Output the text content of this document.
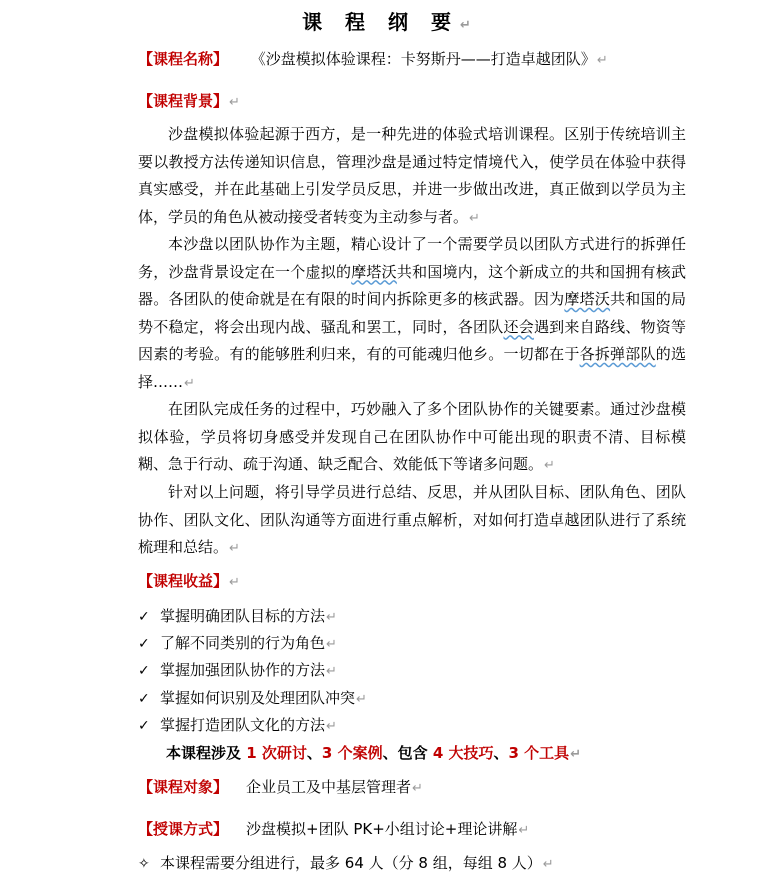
课 程 纲 要↵
【课程名称】 《沙盘模拟体验课程：卡努斯丹——打造卓越团队》↵
【课程背景】↵
沙盘模拟体验起源于西方，是一种先进的体验式培训课程。区别于传统培训主要以教授方法传递知识信息，管理沙盘是通过特定情境代入，使学员在体验中获得真实感受，并在此基础上引发学员反思，并进一步做出改进，真正做到以学员为主体，学员的角色从被动接受者转变为主动参与者。↵
本沙盘以团队协作为主题，精心设计了一个需要学员以团队方式进行的拆弹任务，沙盘背景设定在一个虚拟的摩塔沃共和国境内，这个新成立的共和国拥有核武器。各团队的使命就是在有限的时间内拆除更多的核武器。因为摩塔沃共和国的局势不稳定，将会出现内战、骚乱和罢工，同时，各团队还会遇到来自路线、物资等因素的考验。有的能够胜利归来，有的可能魂归他乡。一切都在于各拆弹部队的选择……↵
在团队完成任务的过程中，巧妙融入了多个团队协作的关键要素。通过沙盘模拟体验，学员将切身感受并发现自己在团队协作中可能出现的职责不清、目标模糊、急于行动、疏于沟通、缺乏配合、效能低下等诸多问题。↵
针对以上问题，将引导学员进行总结、反思，并从团队目标、团队角色、团队协作、团队文化、团队沟通等方面进行重点解析，对如何打造卓越团队进行了系统梳理和总结。↵
【课程收益】↵
✓ 掌握明确团队目标的方法↵
✓ 了解不同类别的行为角色↵
✓ 掌握加强团队协作的方法↵
✓ 掌握如何识别及处理团队冲突↵
✓ 掌握打造团队文化的方法↵
本课程涉及 1 次研讨、3 个案例、包含 4 大技巧、3 个工具↵
【课程对象】 企业员工及中基层管理者↵
【授课方式】 沙盘模拟+团队 PK+小组讨论+理论讲解↵
✧ 本课程需要分组进行，最多 64 人（分 8 组，每组 8 人）↵
